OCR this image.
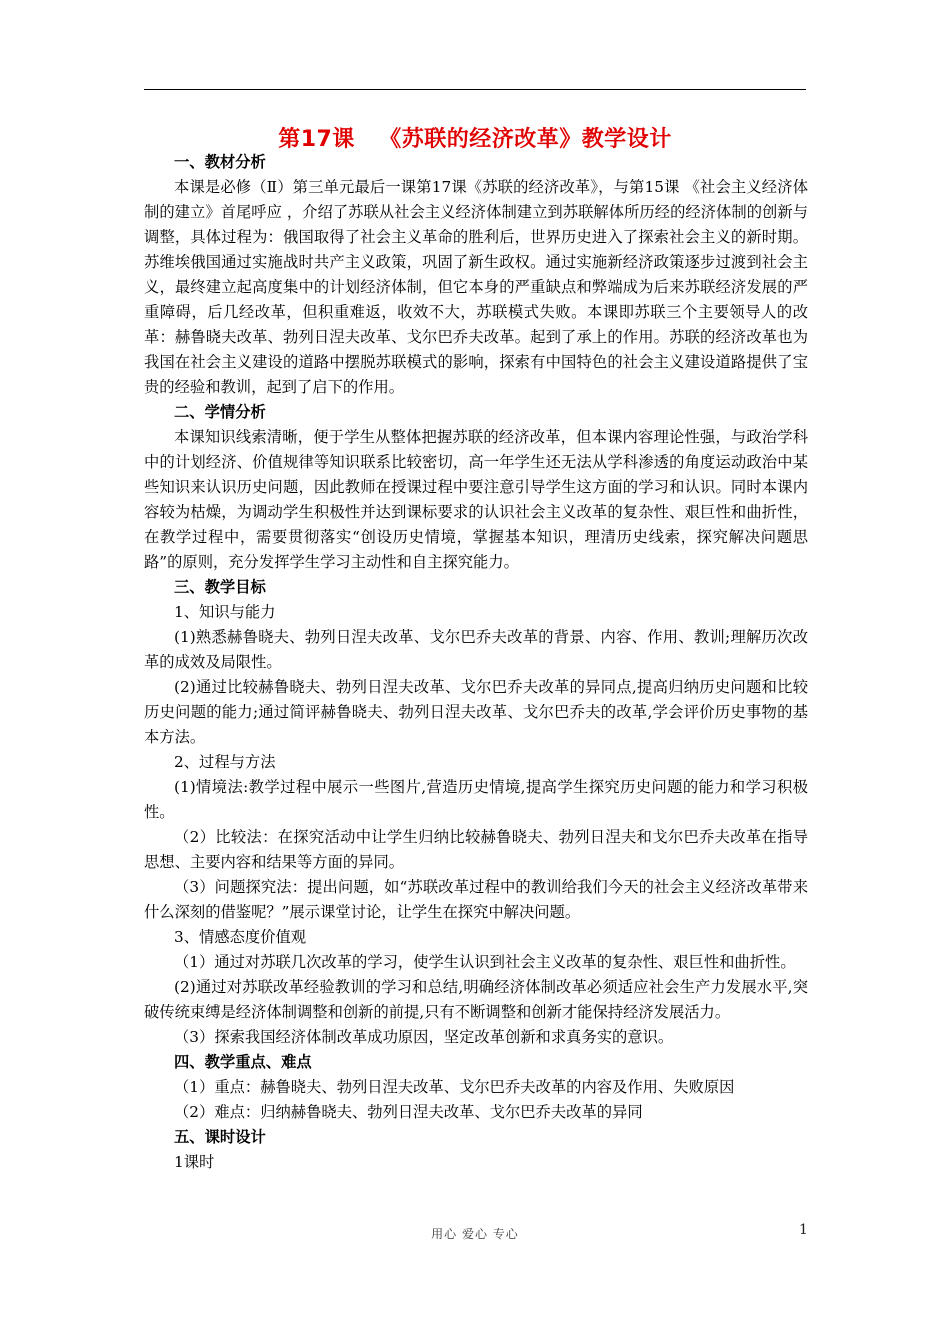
第17课   《苏联的经济改革》教学设计

一、教材分析

本课是必修（Ⅱ）第三单元最后一课第17课《苏联的经济改革》，与第15课 《社会主义经济体制的建立》首尾呼应 ，介绍了苏联从社会主义经济体制建立到苏联解体所历经的经济体制的创新与调整，具体过程为：俄国取得了社会主义革命的胜利后，世界历史进入了探索社会主义的新时期。苏维埃俄国通过实施战时共产主义政策，巩固了新生政权。通过实施新经济政策逐步过渡到社会主义，最终建立起高度集中的计划经济体制，但它本身的严重缺点和弊端成为后来苏联经济发展的严重障碍，后几经改革，但积重难返，收效不大，苏联模式失败。本课即苏联三个主要领导人的改革：赫鲁晓夫改革、勃列日涅夫改革、戈尔巴乔夫改革。起到了承上的作用。苏联的经济改革也为我国在社会主义建设的道路中摆脱苏联模式的影响，探索有中国特色的社会主义建设道路提供了宝贵的经验和教训，起到了启下的作用。

二、学情分析

本课知识线索清晰，便于学生从整体把握苏联的经济改革，但本课内容理论性强，与政治学科中的计划经济、价值规律等知识联系比较密切，高一年学生还无法从学科渗透的角度运动政治中某些知识来认识历史问题，因此教师在授课过程中要注意引导学生这方面的学习和认识。同时本课内容较为枯燥，为调动学生积极性并达到课标要求的认识社会主义改革的复杂性、艰巨性和曲折性，在教学过程中，需要贯彻落实“创设历史情境，掌握基本知识，理清历史线索，探究解决问题思路”的原则，充分发挥学生学习主动性和自主探究能力。

三、教学目标

1、知识与能力

(1)熟悉赫鲁晓夫、勃列日涅夫改革、戈尔巴乔夫改革的背景、内容、作用、教训;理解历次改革的成效及局限性。

(2)通过比较赫鲁晓夫、勃列日涅夫改革、戈尔巴乔夫改革的异同点,提高归纳历史问题和比较历史问题的能力;通过简评赫鲁晓夫、勃列日涅夫改革、戈尔巴乔夫的改革,学会评价历史事物的基本方法。

2、过程与方法

(1)情境法:教学过程中展示一些图片,营造历史情境,提高学生探究历史问题的能力和学习积极性。

（2）比较法：在探究活动中让学生归纳比较赫鲁晓夫、勃列日涅夫和戈尔巴乔夫改革在指导思想、主要内容和结果等方面的异同。

（3）问题探究法：提出问题，如“苏联改革过程中的教训给我们今天的社会主义经济改革带来什么深刻的借鉴呢？”展示课堂讨论，让学生在探究中解决问题。

3、情感态度价值观

（1）通过对苏联几次改革的学习，使学生认识到社会主义改革的复杂性、艰巨性和曲折性。

(2)通过对苏联改革经验教训的学习和总结,明确经济体制改革必须适应社会生产力发展水平,突破传统束缚是经济体制调整和创新的前提,只有不断调整和创新才能保持经济发展活力。

（3）探索我国经济体制改革成功原因，坚定改革创新和求真务实的意识。

四、教学重点、难点

（1）重点：赫鲁晓夫、勃列日涅夫改革、戈尔巴乔夫改革的内容及作用、失败原因

（2）难点：归纳赫鲁晓夫、勃列日涅夫改革、戈尔巴乔夫改革的异同

五、课时设计

1课时

用心 爱心 专心	1
